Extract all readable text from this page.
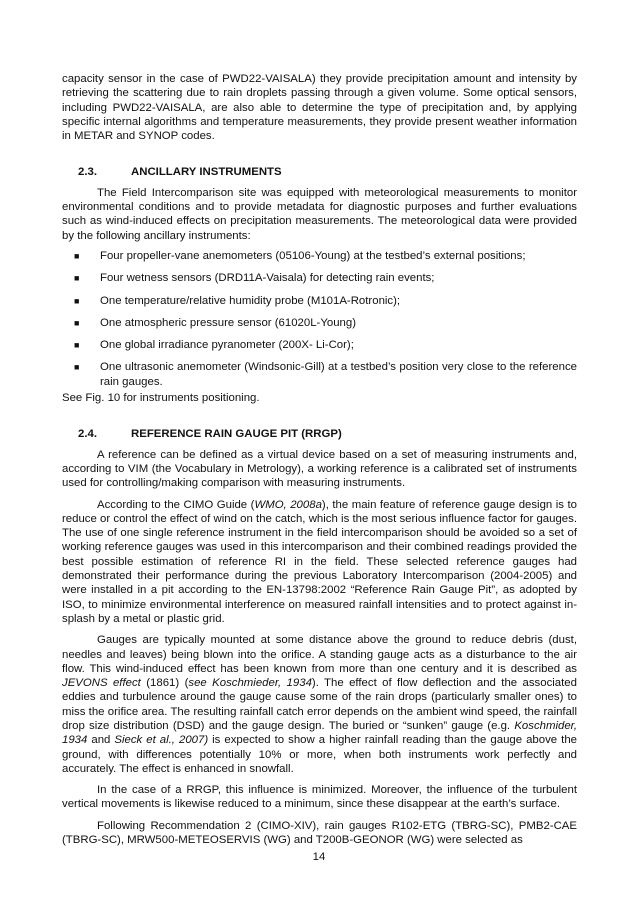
capacity sensor in the case of PWD22-VAISALA) they provide precipitation amount and intensity by retrieving the scattering due to rain droplets passing through a given volume. Some optical sensors, including PWD22-VAISALA, are also able to determine the type of precipitation and, by applying specific internal algorithms and temperature measurements, they provide present weather information in METAR and SYNOP codes.

2.3.	ANCILLARY INSTRUMENTS

The Field Intercomparison site was equipped with meteorological measurements to monitor environmental conditions and to provide metadata for diagnostic purposes and further evaluations such as wind-induced effects on precipitation measurements. The meteorological data were provided by the following ancillary instruments:

■	Four propeller-vane anemometers (05106-Young) at the testbed’s external positions;
■	Four wetness sensors (DRD11A-Vaisala) for detecting rain events;
■	One temperature/relative humidity probe (M101A-Rotronic);
■	One atmospheric pressure sensor (61020L-Young)
■	One global irradiance pyranometer (200X- Li-Cor);
■	One ultrasonic anemometer (Windsonic-Gill) at a testbed’s position very close to the reference rain gauges.

See Fig. 10 for instruments positioning.

2.4.	REFERENCE RAIN GAUGE PIT (RRGP)

A reference can be defined as a virtual device based on a set of measuring instruments and, according to VIM (the Vocabulary in Metrology), a working reference is a calibrated set of instruments used for controlling/making comparison with measuring instruments.

According to the CIMO Guide (WMO, 2008a), the main feature of reference gauge design is to reduce or control the effect of wind on the catch, which is the most serious influence factor for gauges. The use of one single reference instrument in the field intercomparison should be avoided so a set of working reference gauges was used in this intercomparison and their combined readings provided the best possible estimation of reference RI in the field. These selected reference gauges had demonstrated their performance during the previous Laboratory Intercomparison (2004-2005) and were installed in a pit according to the EN-13798:2002 “Reference Rain Gauge Pit”, as adopted by ISO, to minimize environmental interference on measured rainfall intensities and to protect against in-splash by a metal or plastic grid.

Gauges are typically mounted at some distance above the ground to reduce debris (dust, needles and leaves) being blown into the orifice. A standing gauge acts as a disturbance to the air flow. This wind-induced effect has been known from more than one century and it is described as JEVONS effect (1861) (see Koschmieder, 1934). The effect of flow deflection and the associated eddies and turbulence around the gauge cause some of the rain drops (particularly smaller ones) to miss the orifice area. The resulting rainfall catch error depends on the ambient wind speed, the rainfall drop size distribution (DSD) and the gauge design. The buried or “sunken” gauge (e.g. Koschmider, 1934 and Sieck et al., 2007) is expected to show a higher rainfall reading than the gauge above the ground, with differences potentially 10% or more, when both instruments work perfectly and accurately. The effect is enhanced in snowfall.

In the case of a RRGP, this influence is minimized. Moreover, the influence of the turbulent vertical movements is likewise reduced to a minimum, since these disappear at the earth’s surface.

Following Recommendation 2 (CIMO-XIV), rain gauges R102-ETG (TBRG-SC), PMB2-CAE (TBRG-SC), MRW500-METEOSERVIS (WG) and T200B-GEONOR (WG) were selected as

14
